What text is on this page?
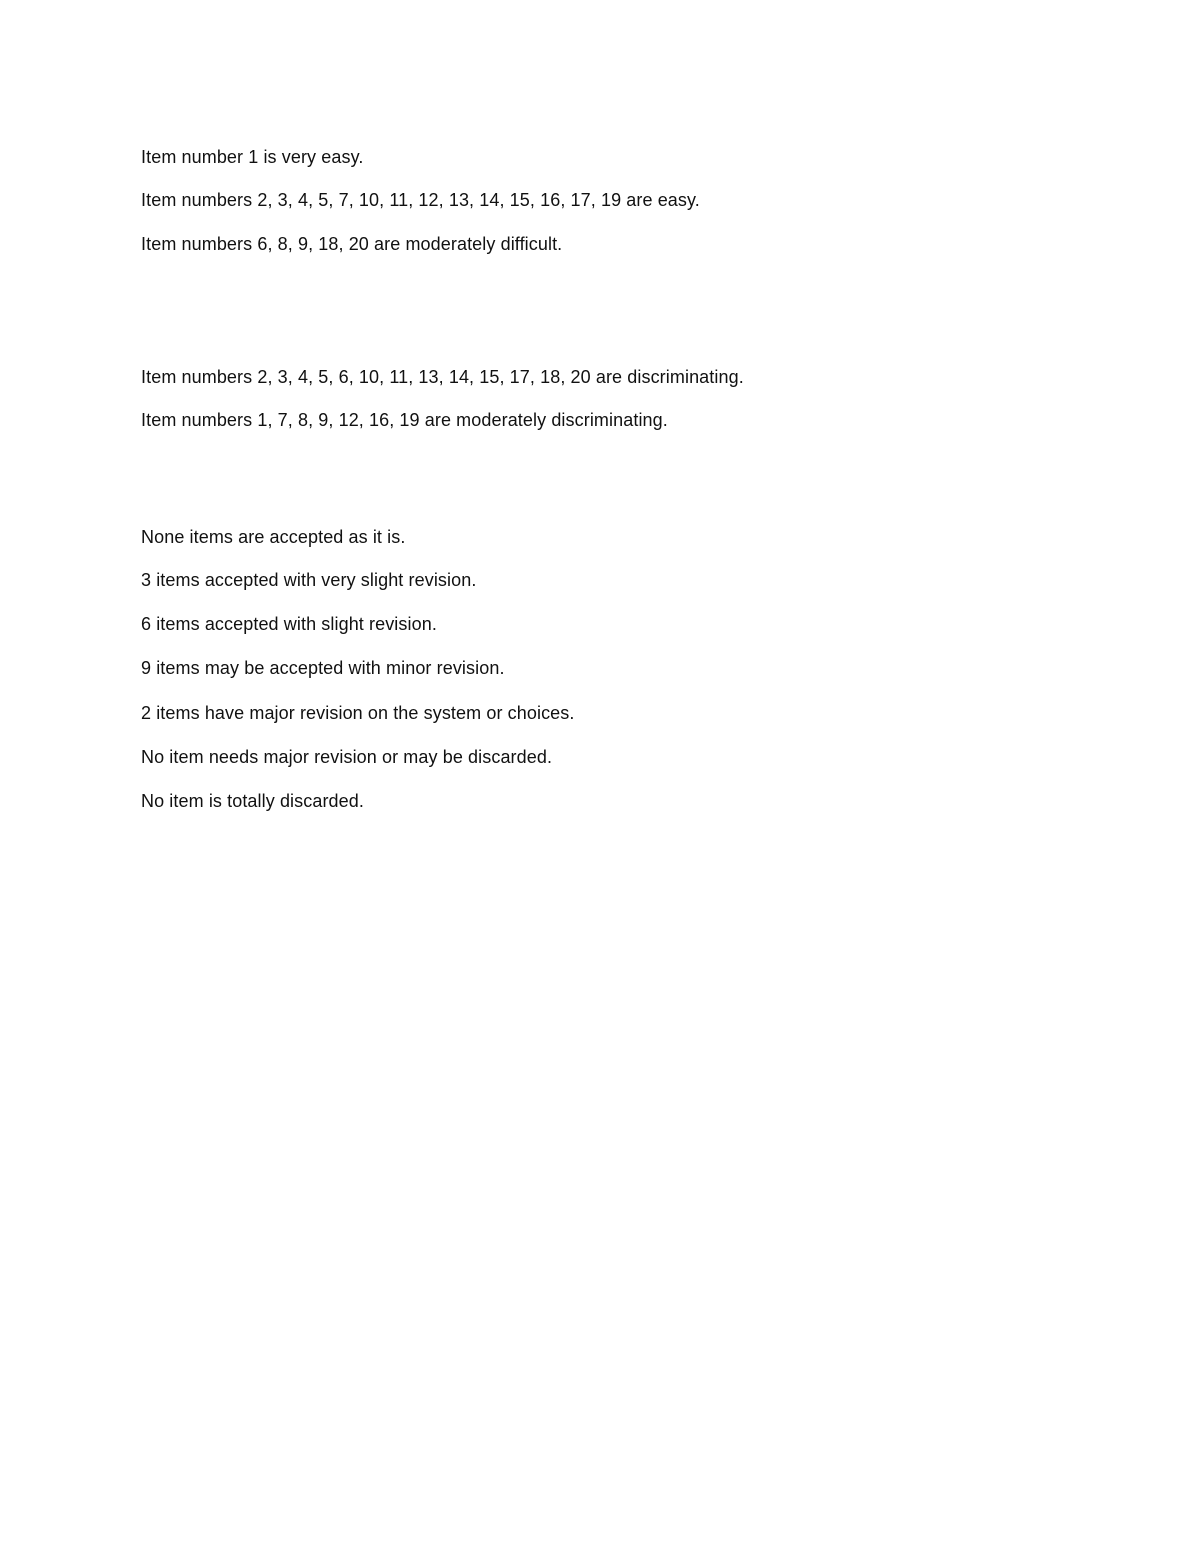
Item number 1 is very easy.

Item numbers 2, 3, 4, 5, 7, 10, 11, 12, 13, 14, 15, 16, 17, 19 are easy.

Item numbers 6, 8, 9, 18, 20 are moderately difficult.

Item numbers 2, 3, 4, 5, 6, 10, 11, 13, 14, 15, 17, 18, 20 are discriminating.

Item numbers 1, 7, 8, 9, 12, 16, 19 are moderately discriminating.

None items are accepted as it is.

3 items accepted with very slight revision.

6 items accepted with slight revision.

9 items may be accepted with minor revision.

2 items have major revision on the system or choices.

No item needs major revision or may be discarded.

No item is totally discarded.
